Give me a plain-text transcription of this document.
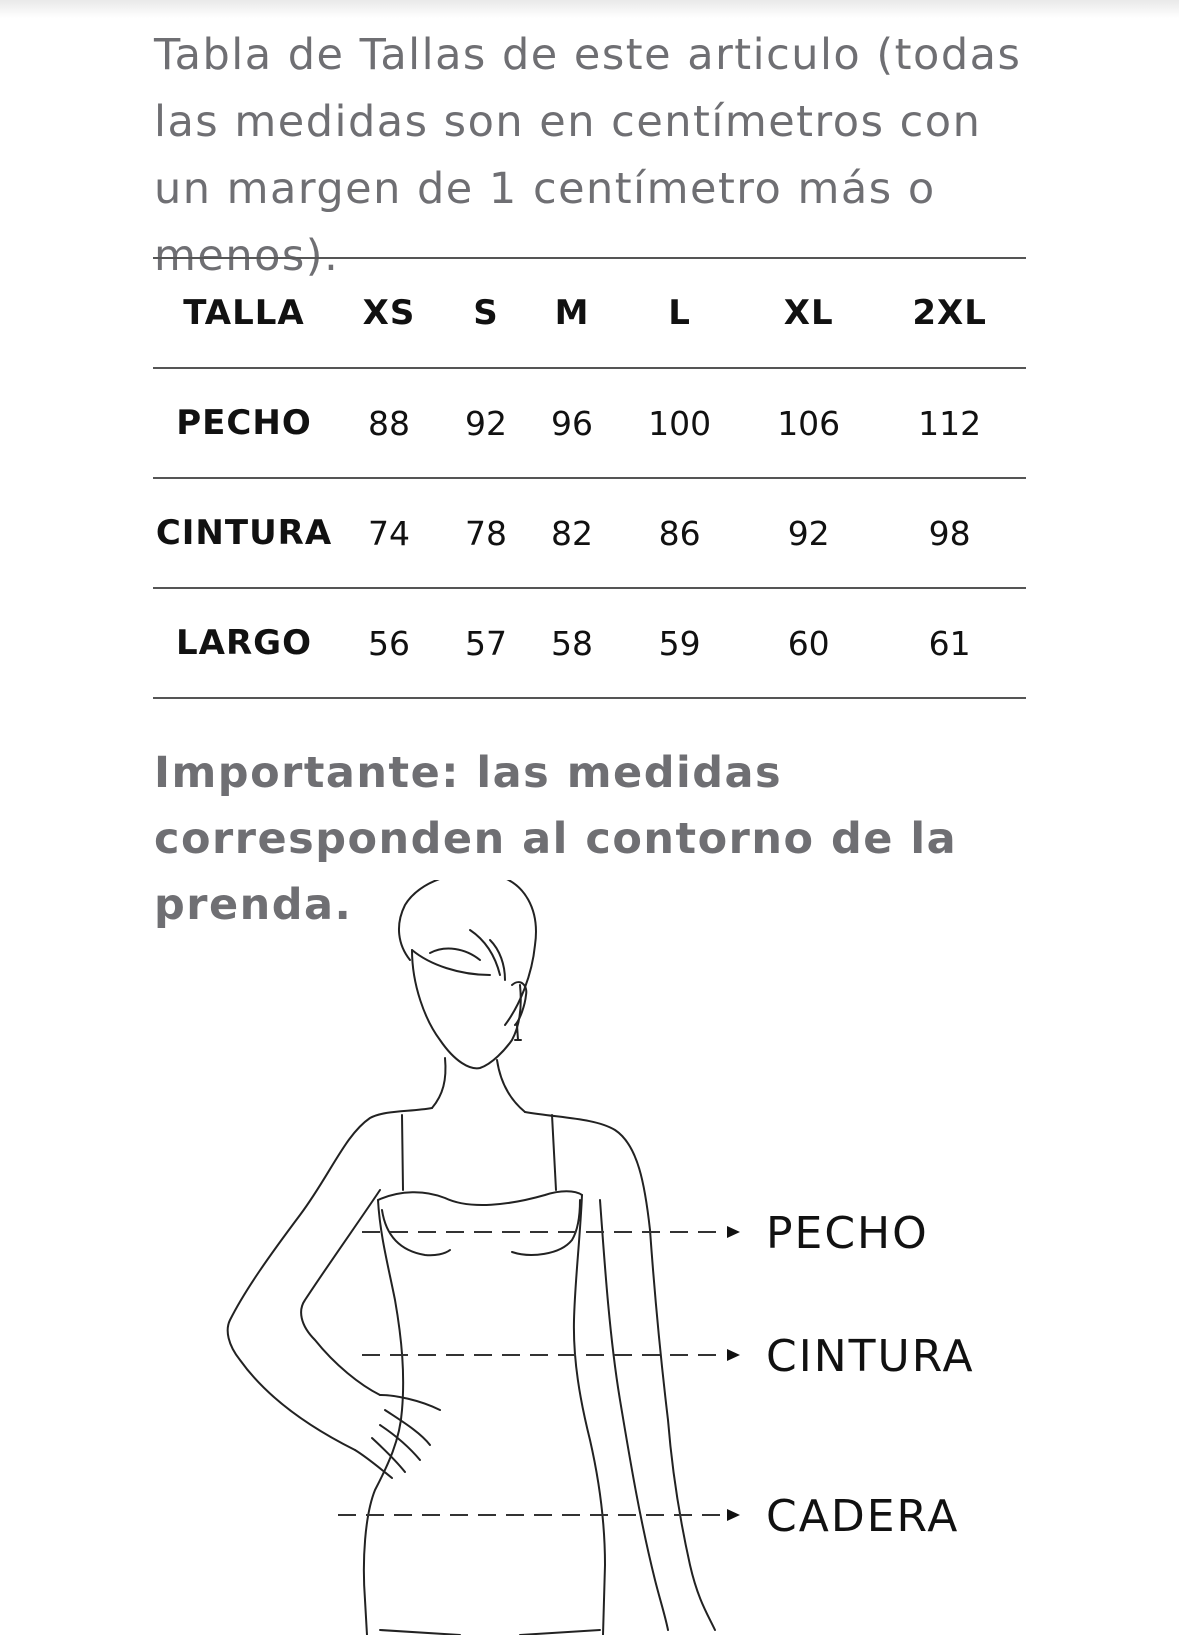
Tabla de Tallas de este articulo (todas las medidas son en centímetros con un margen de 1 centímetro más o menos).

TALLA	XS	S	M	L	XL	2XL
PECHO	88	92	96	100	106	112
CINTURA	74	78	82	86	92	98
LARGO	56	57	58	59	60	61

Importante: las medidas corresponden al contorno de la prenda.

PECHO
CINTURA
CADERA
